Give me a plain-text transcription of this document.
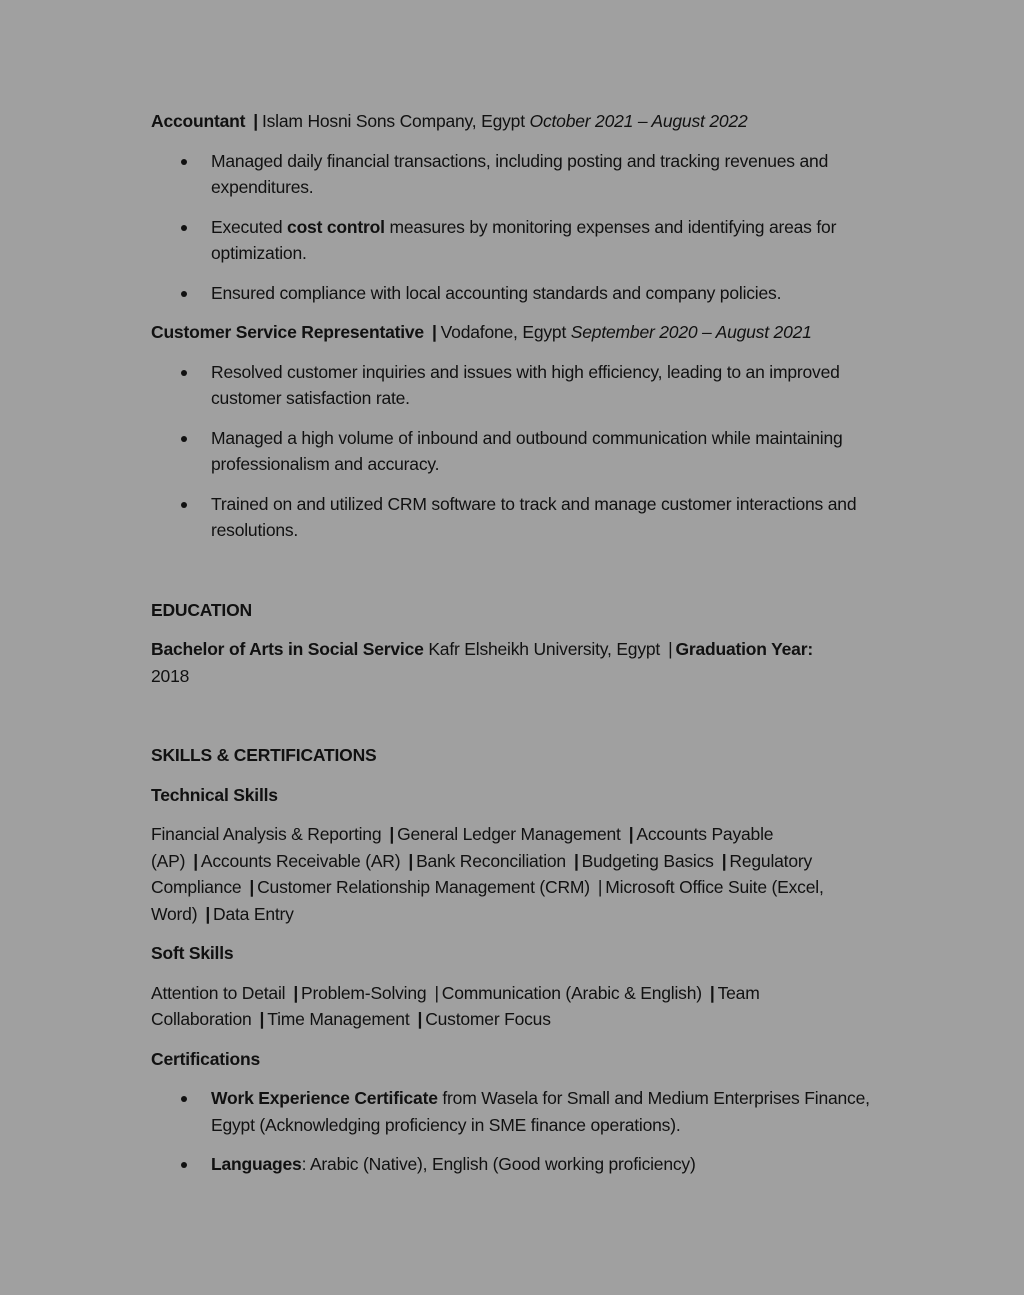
Accountant | Islam Hosni Sons Company, Egypt October 2021 – August 2022
Managed daily financial transactions, including posting and tracking revenues and expenditures.
Executed cost control measures by monitoring expenses and identifying areas for optimization.
Ensured compliance with local accounting standards and company policies.
Customer Service Representative | Vodafone, Egypt September 2020 – August 2021
Resolved customer inquiries and issues with high efficiency, leading to an improved customer satisfaction rate.
Managed a high volume of inbound and outbound communication while maintaining professionalism and accuracy.
Trained on and utilized CRM software to track and manage customer interactions and resolutions.
EDUCATION
Bachelor of Arts in Social Service Kafr Elsheikh University, Egypt | Graduation Year:
2018
SKILLS & CERTIFICATIONS
Technical Skills
Financial Analysis & Reporting | General Ledger Management | Accounts Payable (AP) | Accounts Receivable (AR) | Bank Reconciliation | Budgeting Basics | Regulatory Compliance | Customer Relationship Management (CRM) | Microsoft Office Suite (Excel, Word) | Data Entry
Soft Skills
Attention to Detail | Problem-Solving | Communication (Arabic & English) | Team Collaboration | Time Management | Customer Focus
Certifications
Work Experience Certificate from Wasela for Small and Medium Enterprises Finance, Egypt (Acknowledging proficiency in SME finance operations).
Languages: Arabic (Native), English (Good working proficiency)
